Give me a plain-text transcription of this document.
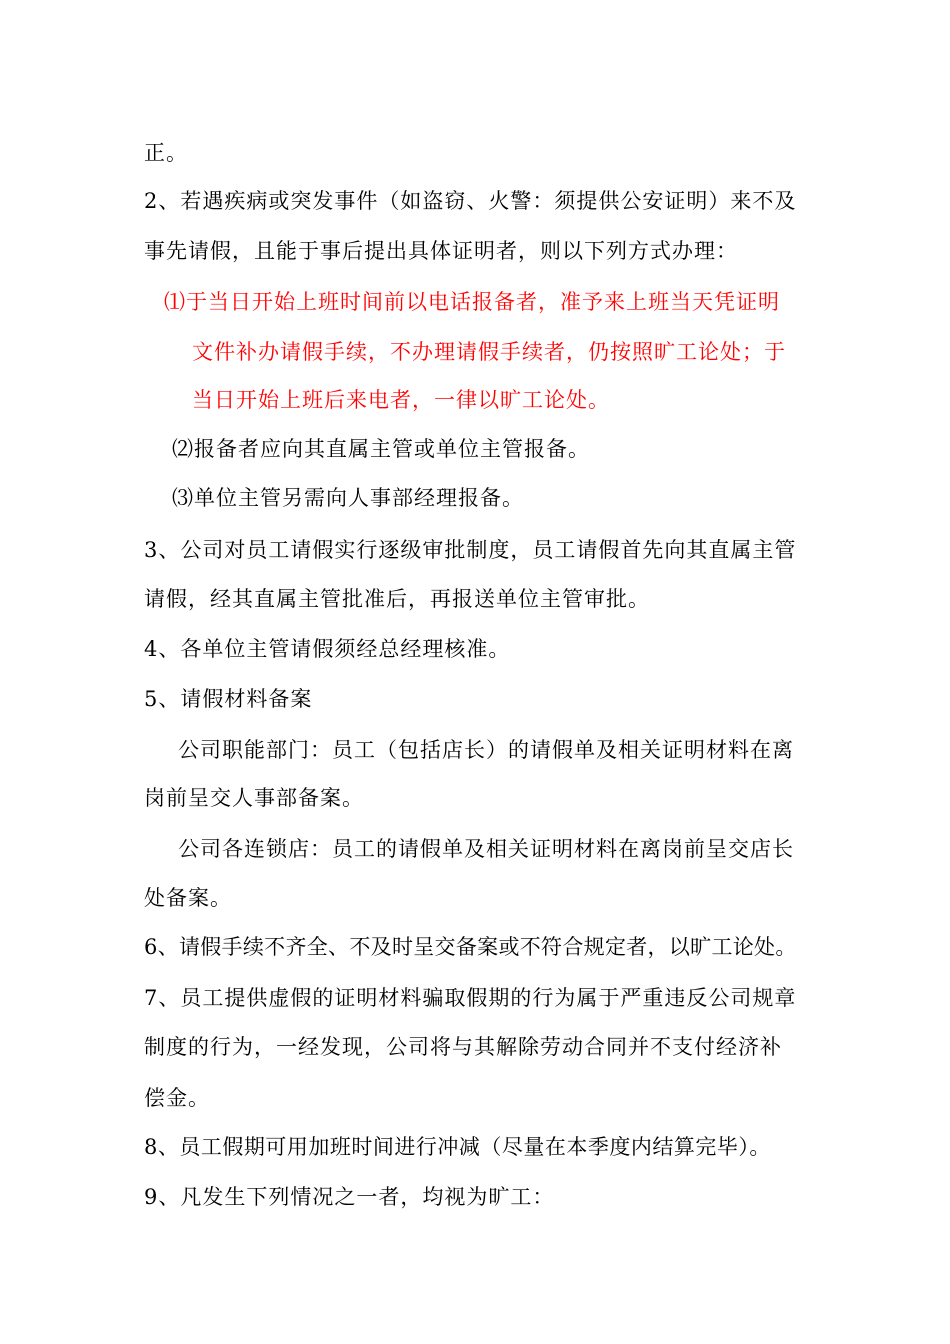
正。
2、若遇疾病或突发事件（如盗窃、火警：须提供公安证明）来不及
事先请假，且能于事后提出具体证明者，则以下列方式办理：
⑴于当日开始上班时间前以电话报备者，准予来上班当天凭证明
文件补办请假手续，不办理请假手续者，仍按照旷工论处；于
当日开始上班后来电者，一律以旷工论处。
⑵报备者应向其直属主管或单位主管报备。
⑶单位主管另需向人事部经理报备。
3、公司对员工请假实行逐级审批制度，员工请假首先向其直属主管
请假，经其直属主管批准后，再报送单位主管审批。
4、各单位主管请假须经总经理核准。
5、请假材料备案
公司职能部门：员工（包括店长）的请假单及相关证明材料在离
岗前呈交人事部备案。
公司各连锁店：员工的请假单及相关证明材料在离岗前呈交店长
处备案。
6、请假手续不齐全、不及时呈交备案或不符合规定者，以旷工论处。
7、员工提供虚假的证明材料骗取假期的行为属于严重违反公司规章
制度的行为，一经发现，公司将与其解除劳动合同并不支付经济补
偿金。
8、员工假期可用加班时间进行冲减（尽量在本季度内结算完毕）。
9、凡发生下列情况之一者，均视为旷工：
